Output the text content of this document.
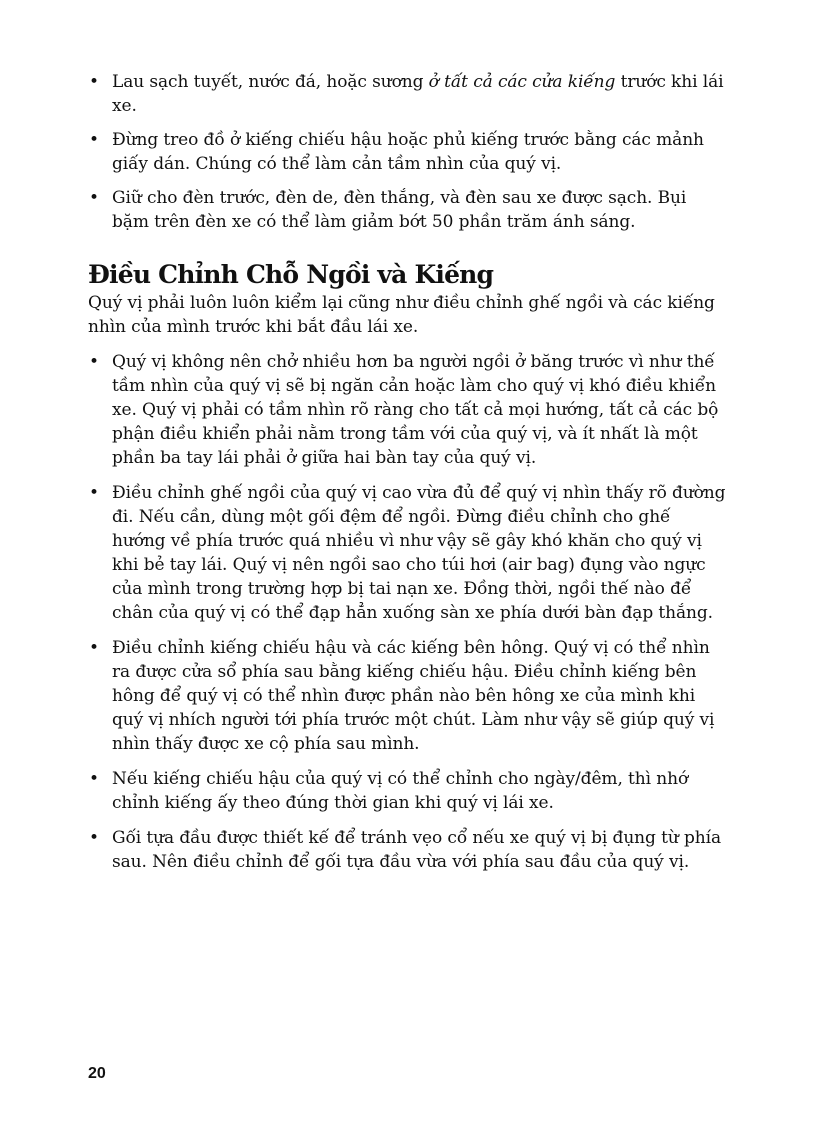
• Lau sạch tuyết, nước đá, hoặc sương ở tất cả các cửa kiếng trước khi lái xe.
• Đừng treo đồ ở kiếng chiếu hậu hoặc phủ kiếng trước bằng các mảnh giấy dán. Chúng có thể làm cản tầm nhìn của quý vị.
• Giữ cho đèn trước, đèn de, đèn thắng, và đèn sau xe được sạch. Bụi bặm trên đèn xe có thể làm giảm bớt 50 phần trăm ánh sáng.
Điều Chỉnh Chỗ Ngồi và Kiếng

Quý vị phải luôn luôn kiểm lại cũng như điều chỉnh ghế ngồi và các kiếng nhìn của mình trước khi bắt đầu lái xe.

• Quý vị không nên chở nhiều hơn ba người ngồi ở băng trước vì như thế tầm nhìn của quý vị sẽ bị ngăn cản hoặc làm cho quý vị khó điều khiển xe. Quý vị phải có tầm nhìn rõ ràng cho tất cả mọi hướng, tất cả các bộ phận điều khiển phải nằm trong tầm với của quý vị, và ít nhất là một phần ba tay lái phải ở giữa hai bàn tay của quý vị.
• Điều chỉnh ghế ngồi của quý vị cao vừa đủ để quý vị nhìn thấy rõ đường đi. Nếu cần, dùng một gối đệm để ngồi. Đừng điều chỉnh cho ghế hướng về phía trước quá nhiều vì như vậy sẽ gây khó khăn cho quý vị khi bẻ tay lái. Quý vị nên ngồi sao cho túi hơi (air bag) đụng vào ngực của mình trong trường hợp bị tai nạn xe. Đồng thời, ngồi thế nào để chân của quý vị có thể đạp hẳn xuống sàn xe phía dưới bàn đạp thắng.
• Điều chỉnh kiếng chiếu hậu và các kiếng bên hông. Quý vị có thể nhìn ra được cửa sổ phía sau bằng kiếng chiếu hậu. Điều chỉnh kiếng bên hông để quý vị có thể nhìn được phần nào bên hông xe của mình khi quý vị nhích người tới phía trước một chút. Làm như vậy sẽ giúp quý vị nhìn thấy được xe cộ phía sau mình.
• Nếu kiếng chiếu hậu của quý vị có thể chỉnh cho ngày/đêm, thì nhớ chỉnh kiếng ấy theo đúng thời gian khi quý vị lái xe.
• Gối tựa đầu được thiết kế để tránh vẹo cổ nếu xe quý vị bị đụng từ phía sau. Nên điều chỉnh để gối tựa đầu vừa với phía sau đầu của quý vị.
20
